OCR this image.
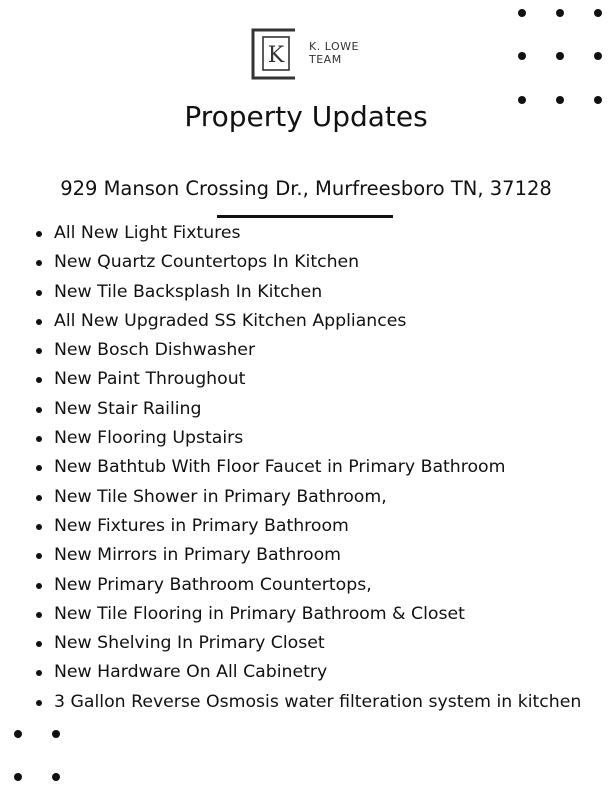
K K. LOWE
TEAM
Property Updates
929 Manson Crossing Dr., Murfreesboro TN, 37128
All New Light Fixtures
New Quartz Countertops In Kitchen
New Tile Backsplash In Kitchen
All New Upgraded SS Kitchen Appliances
New Bosch Dishwasher
New Paint Throughout
New Stair Railing
New Flooring Upstairs
New Bathtub With Floor Faucet in Primary Bathroom
New Tile Shower in Primary Bathroom,
New Fixtures in Primary Bathroom
New Mirrors in Primary Bathroom
New Primary Bathroom Countertops,
New Tile Flooring in Primary Bathroom & Closet
New Shelving In Primary Closet
New Hardware On All Cabinetry
3 Gallon Reverse Osmosis water filteration system in kitchen
